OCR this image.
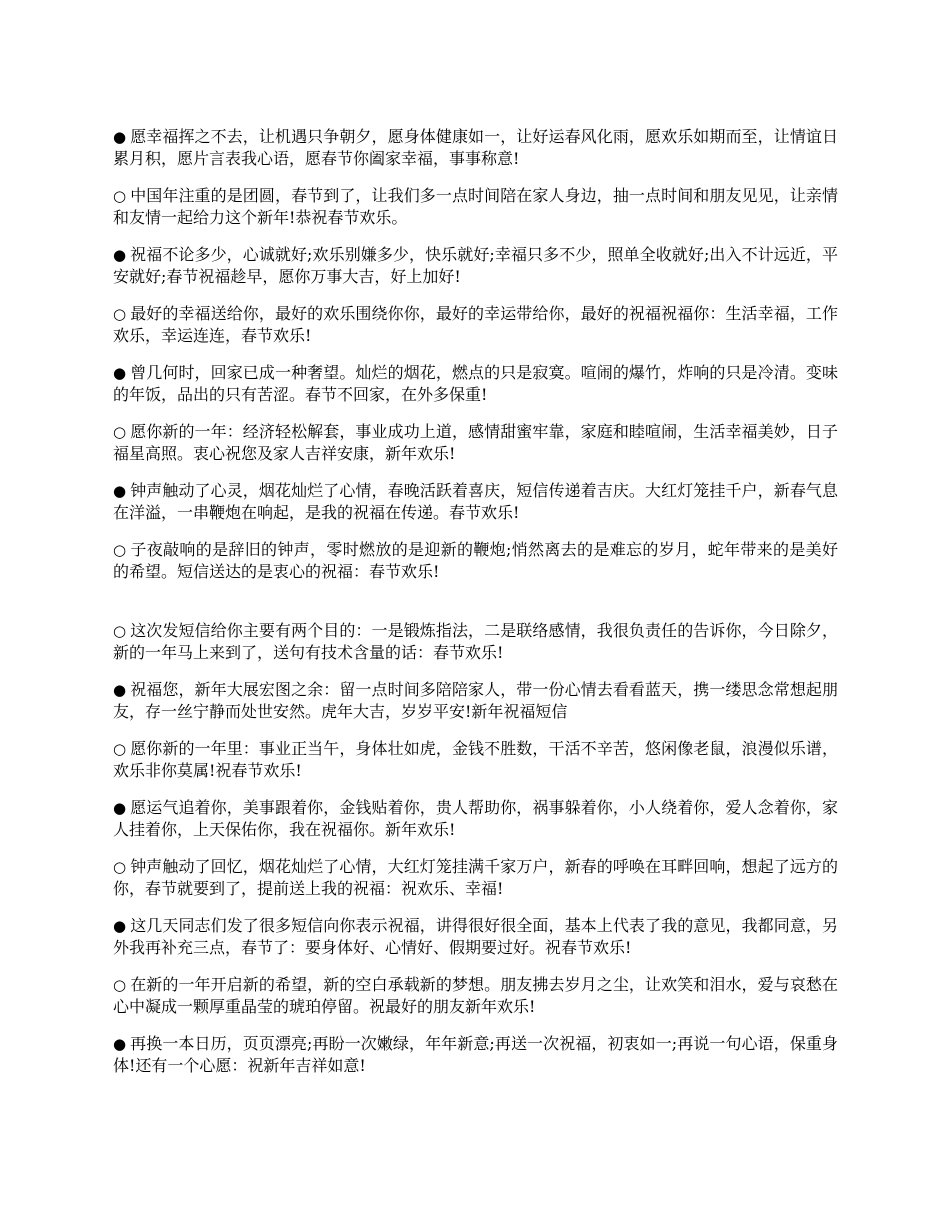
● 愿幸福挥之不去，让机遇只争朝夕，愿身体健康如一，让好运春风化雨，愿欢乐如期而至，让情谊日累月积，愿片言表我心语，愿春节你阖家幸福，事事称意!

○ 中国年注重的是团圆，春节到了，让我们多一点时间陪在家人身边，抽一点时间和朋友见见，让亲情和友情一起给力这个新年!恭祝春节欢乐。

● 祝福不论多少，心诚就好;欢乐别嫌多少，快乐就好;幸福只多不少，照单全收就好;出入不计远近，平安就好;春节祝福趁早，愿你万事大吉，好上加好!

○ 最好的幸福送给你，最好的欢乐围绕你你，最好的幸运带给你，最好的祝福祝福你：生活幸福，工作欢乐，幸运连连，春节欢乐!

● 曾几何时，回家已成一种奢望。灿烂的烟花，燃点的只是寂寞。喧闹的爆竹，炸响的只是冷清。变味的年饭，品出的只有苦涩。春节不回家，在外多保重!

○ 愿你新的一年：经济轻松解套，事业成功上道，感情甜蜜牢靠，家庭和睦喧闹，生活幸福美妙，日子福星高照。衷心祝您及家人吉祥安康，新年欢乐!

● 钟声触动了心灵，烟花灿烂了心情，春晚活跃着喜庆，短信传递着吉庆。大红灯笼挂千户，新春气息在洋溢，一串鞭炮在响起，是我的祝福在传递。春节欢乐!

○ 子夜敲响的是辞旧的钟声，零时燃放的是迎新的鞭炮;悄然离去的是难忘的岁月，蛇年带来的是美好的希望。短信送达的是衷心的祝福：春节欢乐!

○ 这次发短信给你主要有两个目的：一是锻炼指法，二是联络感情，我很负责任的告诉你，今日除夕，新的一年马上来到了，送句有技术含量的话：春节欢乐!

● 祝福您，新年大展宏图之余：留一点时间多陪陪家人，带一份心情去看看蓝天，携一缕思念常想起朋友，存一丝宁静而处世安然。虎年大吉，岁岁平安!新年祝福短信

○ 愿你新的一年里：事业正当午，身体壮如虎，金钱不胜数，干活不辛苦，悠闲像老鼠，浪漫似乐谱，欢乐非你莫属!祝春节欢乐!

● 愿运气追着你，美事跟着你，金钱贴着你，贵人帮助你，祸事躲着你，小人绕着你，爱人念着你，家人挂着你，上天保佑你，我在祝福你。新年欢乐!

○ 钟声触动了回忆，烟花灿烂了心情，大红灯笼挂满千家万户，新春的呼唤在耳畔回响，想起了远方的你，春节就要到了，提前送上我的祝福：祝欢乐、幸福!

● 这几天同志们发了很多短信向你表示祝福，讲得很好很全面，基本上代表了我的意见，我都同意，另外我再补充三点，春节了：要身体好、心情好、假期要过好。祝春节欢乐!

○ 在新的一年开启新的希望，新的空白承载新的梦想。朋友拂去岁月之尘，让欢笑和泪水，爱与哀愁在心中凝成一颗厚重晶莹的琥珀停留。祝最好的朋友新年欢乐!

● 再换一本日历，页页漂亮;再盼一次嫩绿，年年新意;再送一次祝福，初衷如一;再说一句心语，保重身体!还有一个心愿：祝新年吉祥如意!
